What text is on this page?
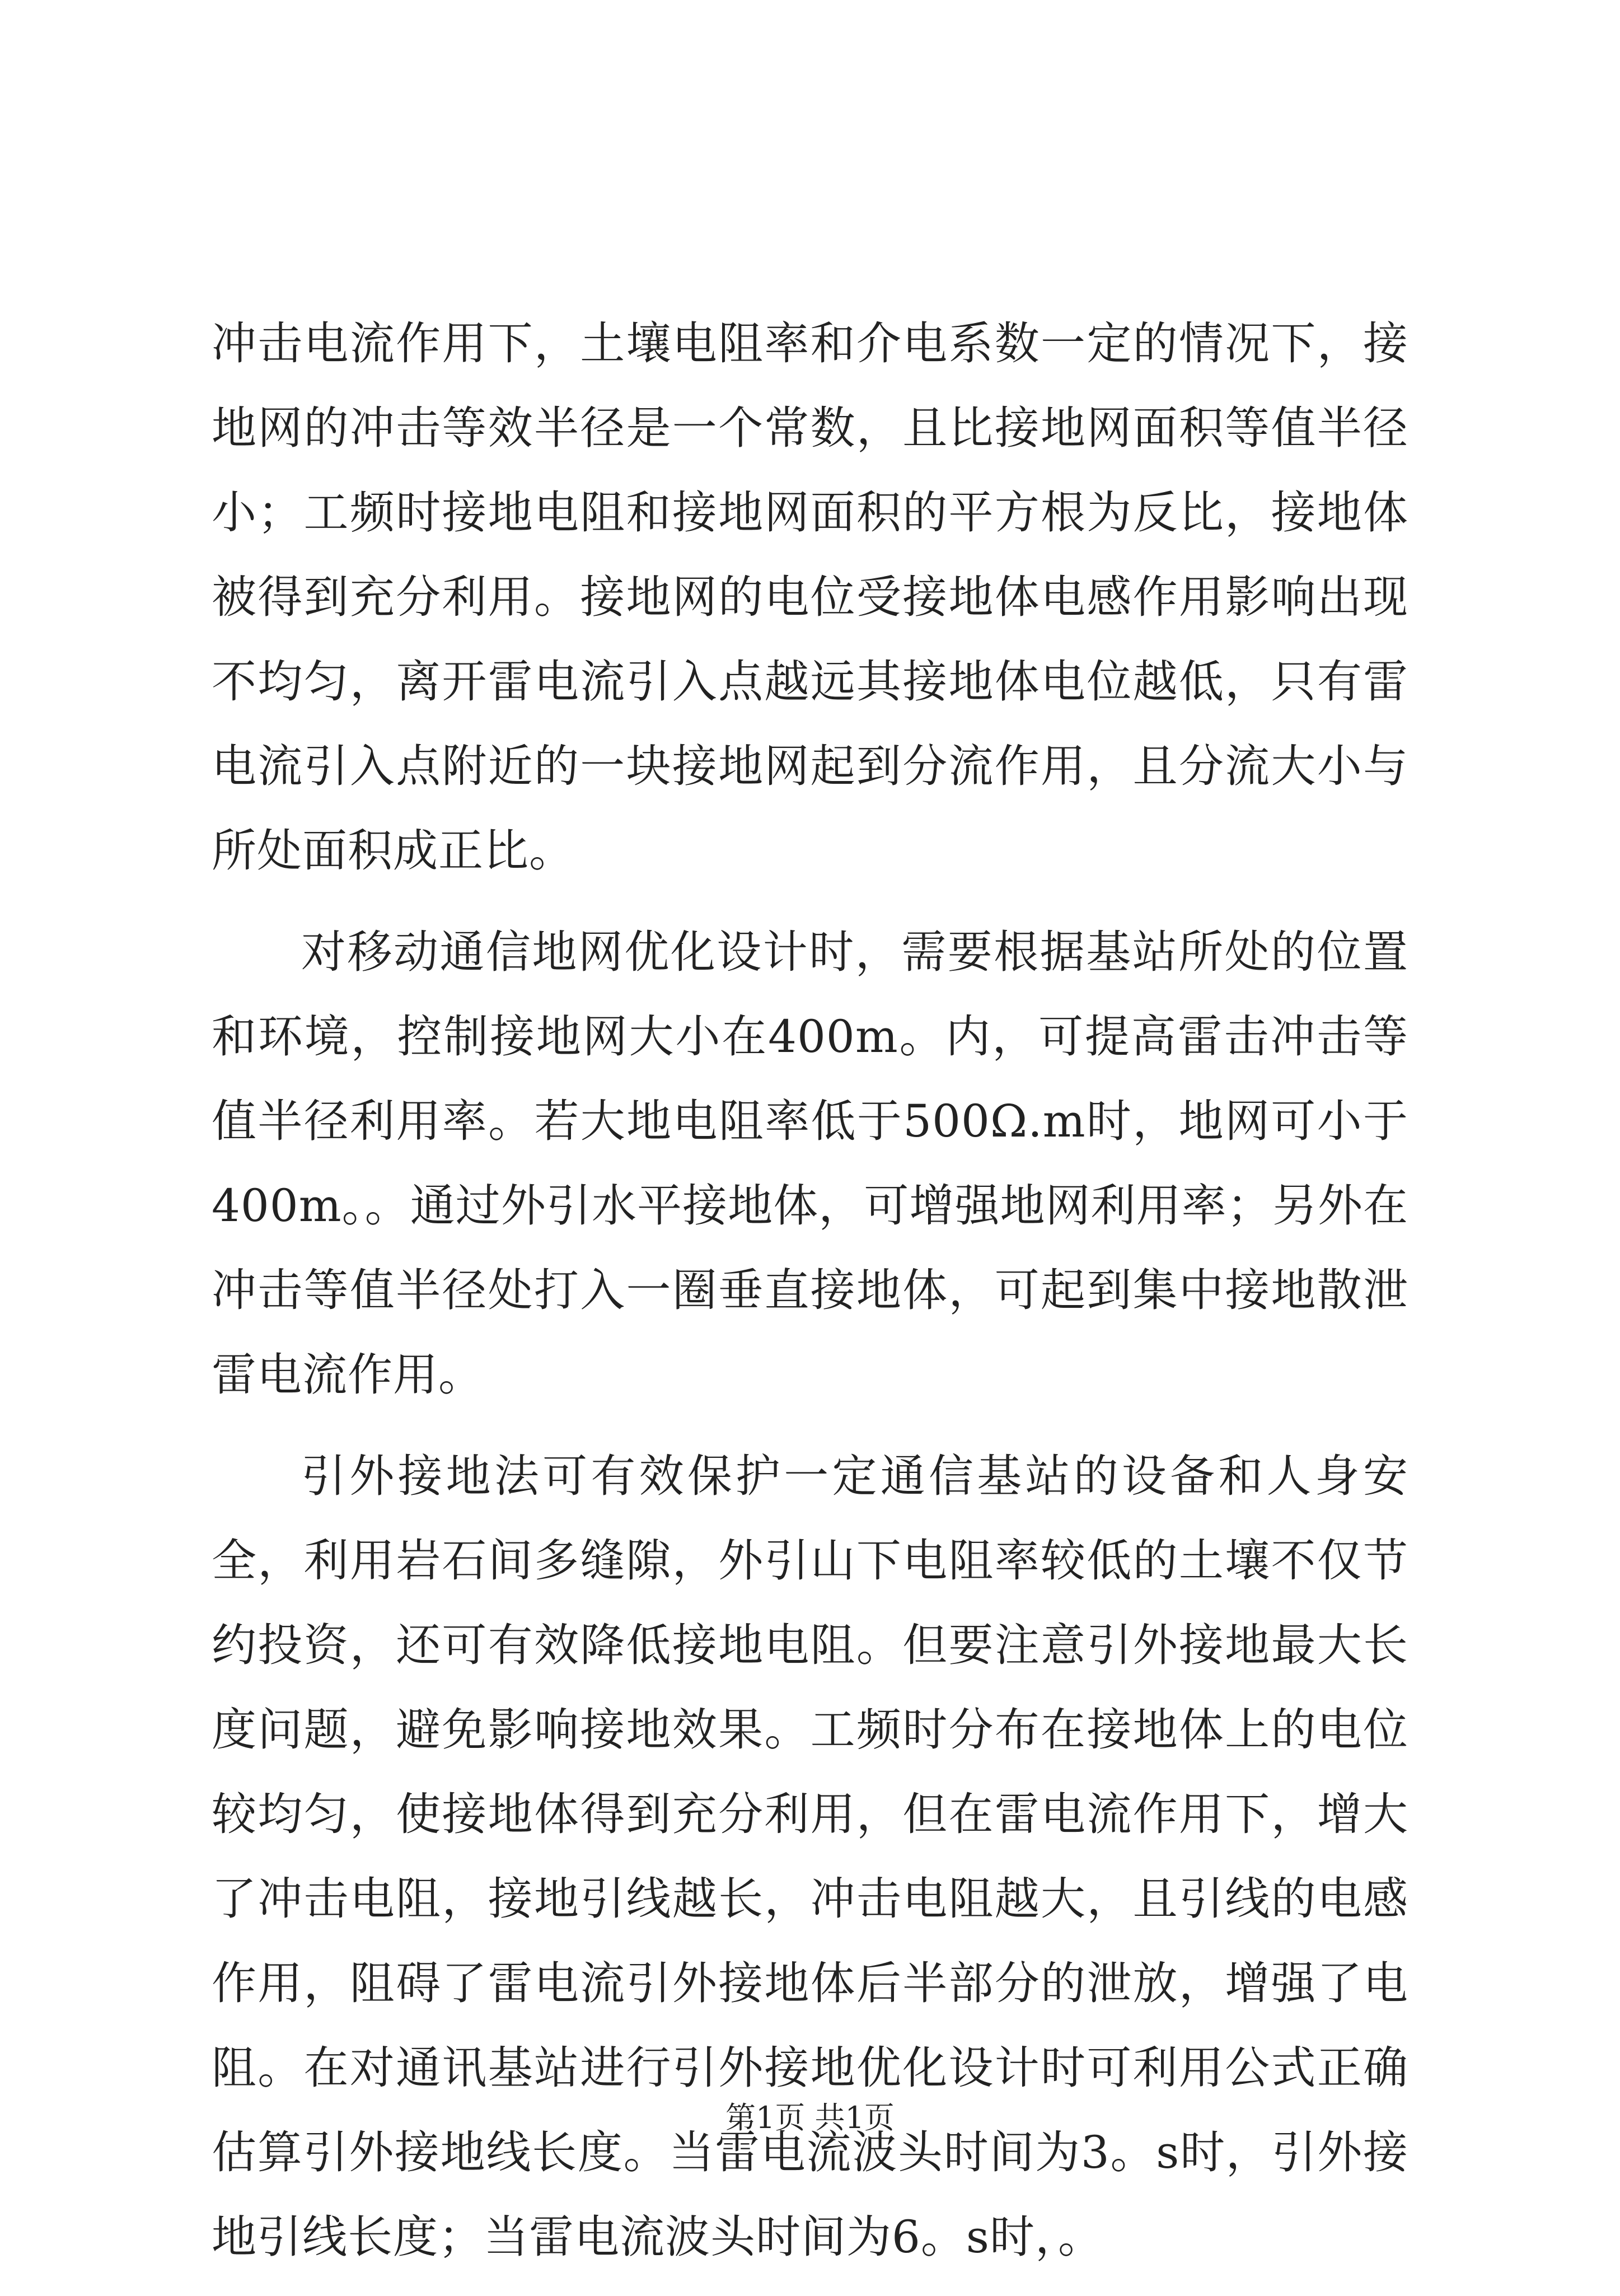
冲击电流作用下，土壤电阻率和介电系数一定的情况下，接地网的冲击等效半径是一个常数，且比接地网面积等值半径小；工频时接地电阻和接地网面积的平方根为反比，接地体被得到充分利用。接地网的电位受接地体电感作用影响出现不均匀，离开雷电流引入点越远其接地体电位越低，只有雷电流引入点附近的一块接地网起到分流作用，且分流大小与所处面积成正比。

对移动通信地网优化设计时，需要根据基站所处的位置和环境，控制接地网大小在400m。内，可提高雷击冲击等值半径利用率。若大地电阻率低于500Ω.m时，地网可小于400m。。通过外引水平接地体，可增强地网利用率；另外在冲击等值半径处打入一圈垂直接地体，可起到集中接地散泄雷电流作用。

引外接地法可有效保护一定通信基站的设备和人身安全，利用岩石间多缝隙，外引山下电阻率较低的土壤不仅节约投资，还可有效降低接地电阻。但要注意引外接地最大长度问题，避免影响接地效果。工频时分布在接地体上的电位较均匀，使接地体得到充分利用，但在雷电流作用下，增大了冲击电阻，接地引线越长，冲击电阻越大，且引线的电感作用，阻碍了雷电流引外接地体后半部分的泄放，增强了电阻。在对通讯基站进行引外接地优化设计时可利用公式正确估算引外接地线长度。当雷电流波头时间为3。s时，引外接地引线长度；当雷电流波头时间为6。s时，。

第1页 共1页
